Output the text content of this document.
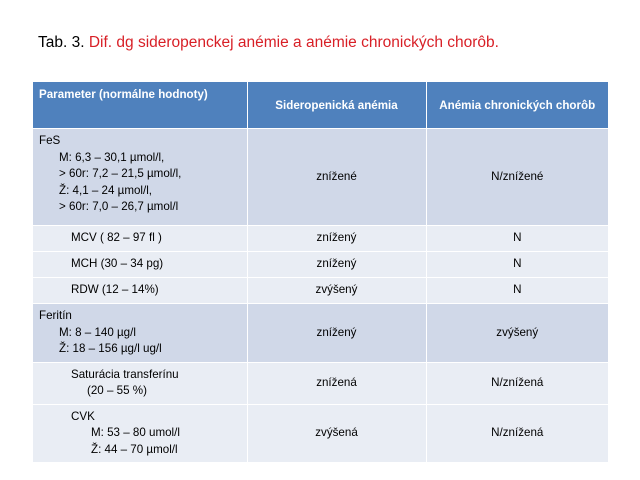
Tab. 3. Dif. dg sideropenckej anémie a anémie chronických chorôb.
Parameter (normálne hodnoty)	Sideropenická anémia	Anémia chronických chorôb

FeS
M: 6,3 – 30,1 µmol/l,
> 60r: 7,2 – 21,5 µmol/l,
Ž: 4,1 – 24 µmol/l,
> 60r: 7,0 – 26,7 µmol/l	znížené	N/znížené
MCV ( 82 – 97 fl )	znížený	N
MCH (30 – 34 pg)	znížený	N
RDW (12 – 14%)	zvýšený	N

Feritín
M: 8 – 140 µg/l
Ž: 18 – 156 µg/l ug/l	znížený	zvýšený

Saturácia transferínu
(20 – 55 %)	znížená	N/znížená

CVK
M: 53 – 80 umol/l
Ž: 44 – 70 µmol/l	zvýšená	N/znížená
